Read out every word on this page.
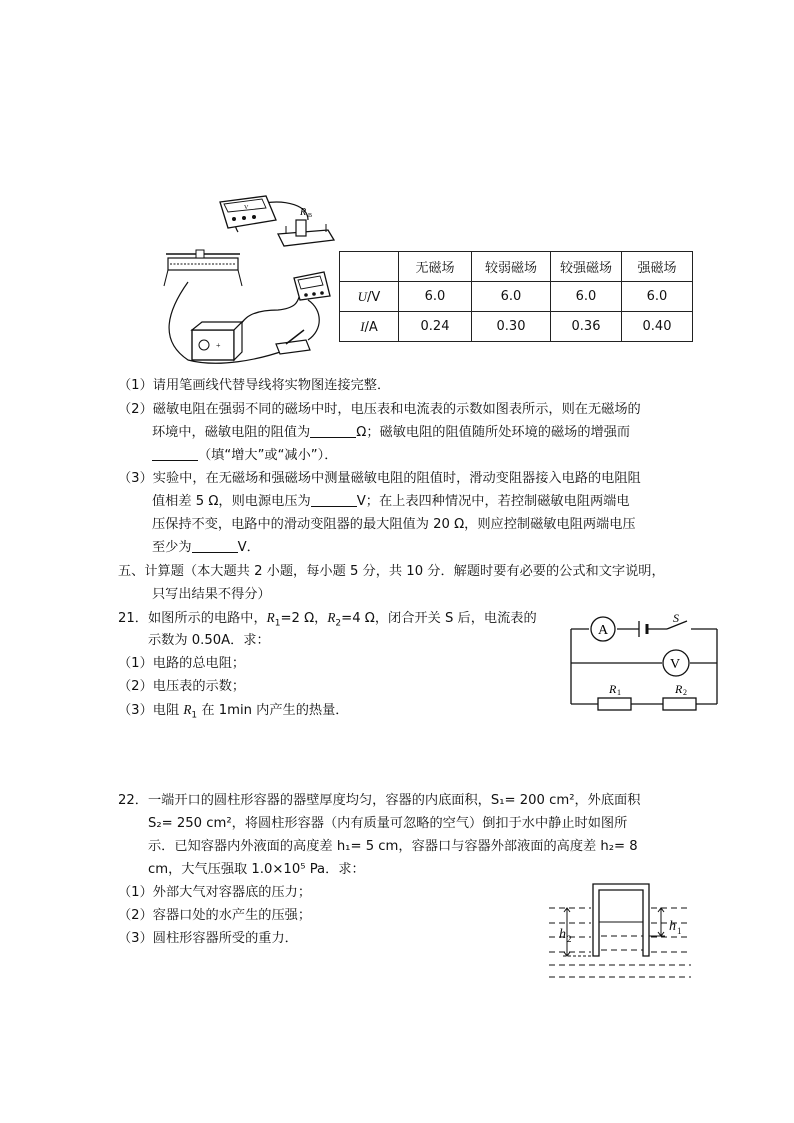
V	R B
+
	无磁场	较弱磁场	较强磁场	强磁场
U/V	6.0	6.0	6.0	6.0
I/A	0.24	0.30	0.36	0.40
（1）请用笔画线代替导线将实物图连接完整．
（2）磁敏电阻在强弱不同的磁场中时，电压表和电流表的示数如图表所示，则在无磁场的
环境中，磁敏电阻的阻值为	Ω；磁敏电阻的阻值随所处环境的磁场的增强而
（填“增大”或“减小”）．
（3）实验中，在无磁场和强磁场中测量磁敏电阻的阻值时，滑动变阻器接入电路的电阻阻
值相差 5 Ω，则电源电压为	V；在上表四种情况中，若控制磁敏电阻两端电
压保持不变，电路中的滑动变阻器的最大阻值为 20 Ω，则应控制磁敏电阻两端电压
至少为	V．
五、计算题（本大题共 2 小题，每小题 5 分，共 10 分．解题时要有必要的公式和文字说明，
只写出结果不得分）
21．如图所示的电路中，$R_1=2$ Ω，$R_2=4$ Ω，闭合开关 S 后，电流表的
示数为 0.50A．求：
（1）电路的总电阻；
（2）电压表的示数；
（3）电阻 $R_1$ 在 1min 内产生的热量．
A
V
S
R 1	R 2
22．一端开口的圆柱形容器的器壁厚度均匀，容器的内底面积，S₁= 200 cm²，外底面积
S₂= 250 cm²，将圆柱形容器（内有质量可忽略的空气）倒扣于水中静止时如图所
示．已知容器内外液面的高度差 h₁= 5 cm，容器口与容器外部液面的高度差 h₂= 8
cm，大气压强取 1.0×10⁵ Pa．求：
（1）外部大气对容器底的压力；
（2）容器口处的水产生的压强；
（3）圆柱形容器所受的重力．	h 2
h 1
